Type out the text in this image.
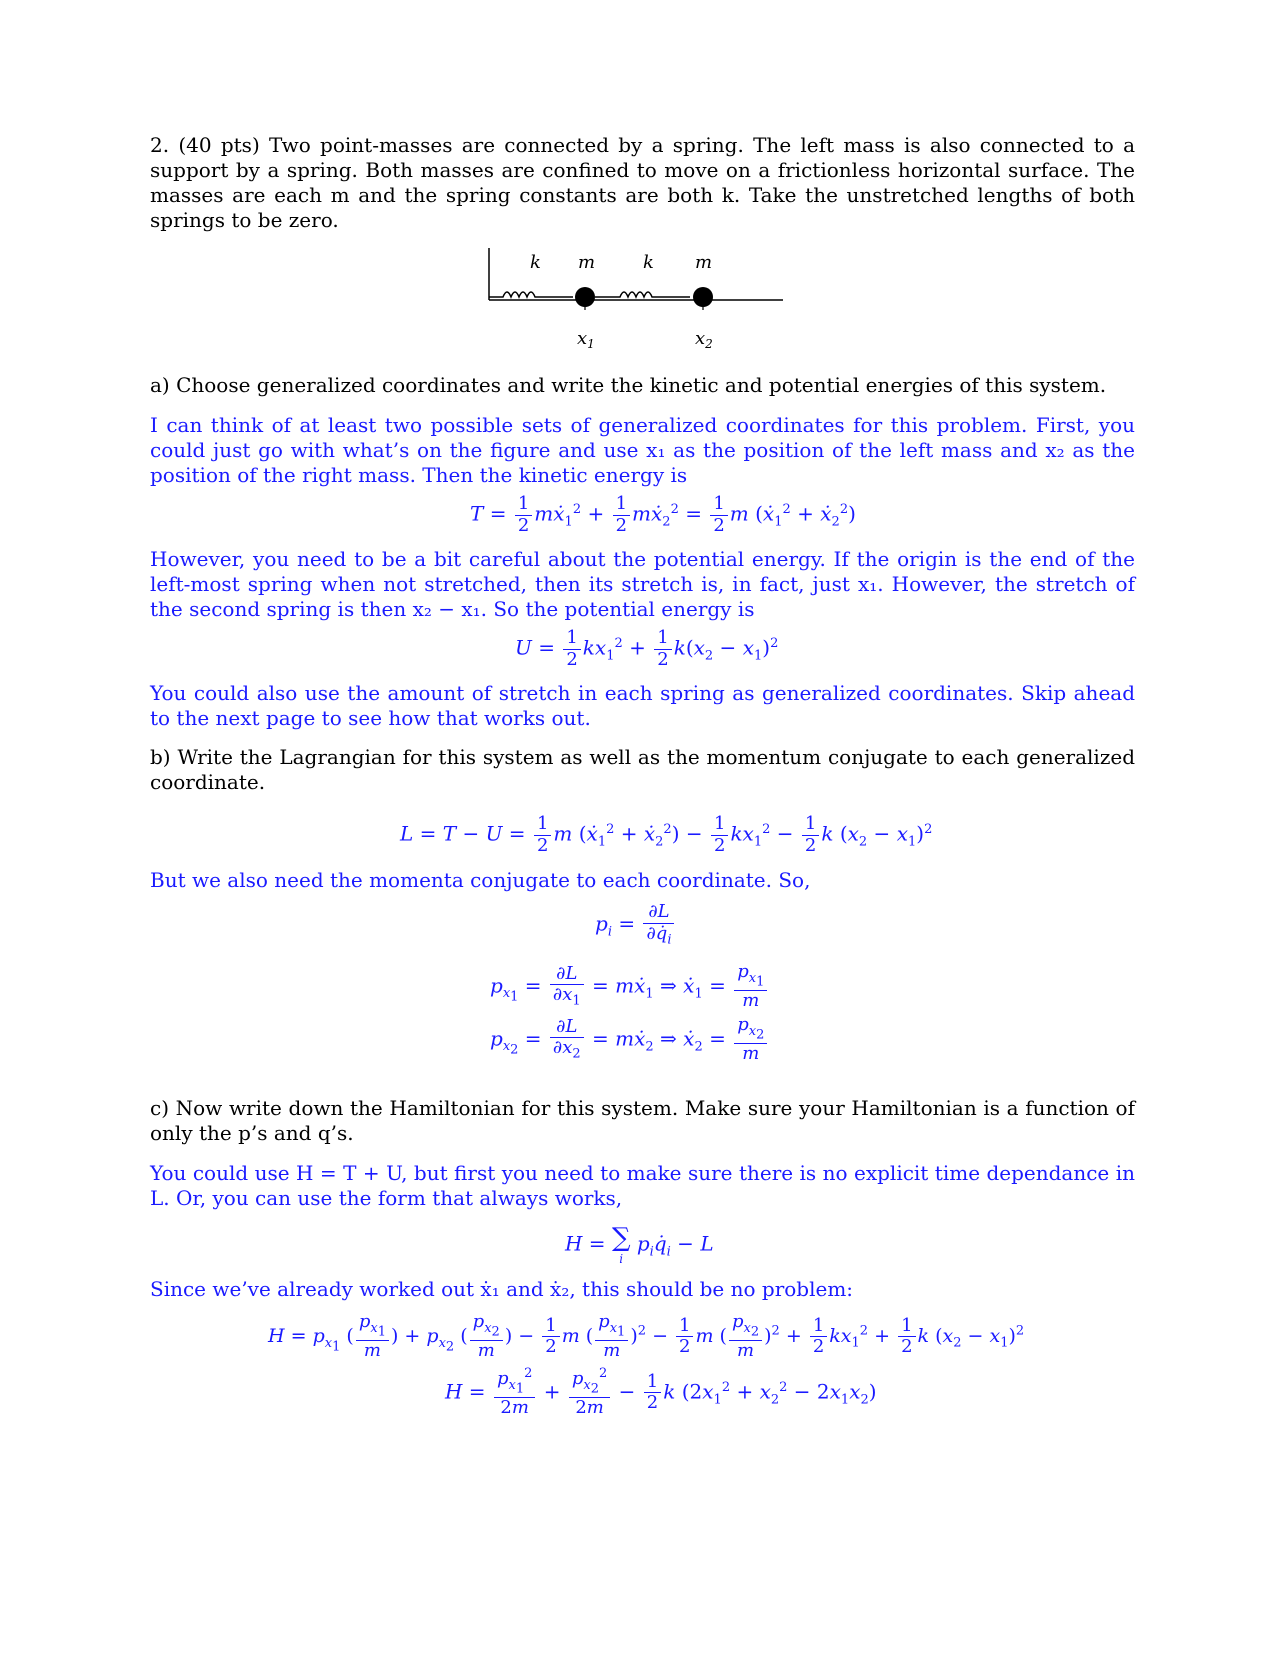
2. (40 pts) Two point-masses are connected by a spring. The left mass is also connected to a support by a spring. Both masses are confined to move on a frictionless horizontal surface. The masses are each m and the spring constants are both k. Take the unstretched lengths of both springs to be zero.

k m	k m
$x_1$	$x_2$

a) Choose generalized coordinates and write the kinetic and potential energies of this system.

I can think of at least two possible sets of generalized coordinates for this problem. First, you could just go with what’s on the figure and use x₁ as the position of the left mass and x₂ as the position of the right mass. Then the kinetic energy is

$T = \frac{1}{2}$ mẋ$_1^2$ + $\frac{1}{2}$ mẋ$_2^2$ = $\frac{1}{2}$ m (ẋ$_1^2$ + ẋ$_2^2$)

However, you need to be a bit careful about the potential energy. If the origin is the end of the left-most spring when not stretched, then its stretch is, in fact, just x₁. However, the stretch of the second spring is then x₂ − x₁. So the potential energy is

$U = \frac{1}{2} kx_1^2 + \frac{1}{2} k(x_2 - x_1)^2$

You could also use the amount of stretch in each spring as generalized coordinates. Skip ahead to the next page to see how that works out.

b) Write the Lagrangian for this system as well as the momentum conjugate to each generalized coordinate.

$L = T - U = \frac{1}{2}$ m (ẋ$_1^2$ + ẋ$_2^2$) − $\frac{1}{2} kx_1^2 - \frac{1}{2}$ k $(x_2 - x_1)^2$

But we also need the momenta conjugate to each coordinate. So,

$p_i = \frac{\partial L}{\partial q̇_i}$
$p_{x_1} = \frac{\partial L}{\partial x_1}$ = mẋ$_1$ ⇒ ẋ$_1$ = $\frac{p_{x_1}}{m}$
$p_{x_2} = \frac{\partial L}{\partial x_2}$ = mẋ$_2$ ⇒ ẋ$_2$ = $\frac{p_{x_2}}{m}$

c) Now write down the Hamiltonian for this system. Make sure your Hamiltonian is a function of only the p’s and q’s.

You could use H = T + U, but first you need to make sure there is no explicit time dependance in L. Or, you can use the form that always works,

H = ∑
i
$p_iq̇_i - L$

Since we’ve already worked out ẋ₁ and ẋ₂, this should be no problem:

$H = p_{x_1}$ ( $\frac{p_{x_1}}{m}$ ) + $p_{x_2}$ ( $\frac{p_{x_2}}{m}$ ) − $\frac{1}{2}$ m ( $\frac{p_{x_1}}{m} )^2 - \frac{1}{2}$ m ( $\frac{p_{x_2}}{m} )^2 + \frac{1}{2} kx_1^2 + \frac{1}{2}$ k $(x_2 - x_1)^2$
$H = \frac{p_{x_1}^2}{2m} + \frac{p_{x_2}^2}{2m} - \frac{1}{2}$ k $(2x_1^2 + x_2^2 - 2x_1x_2)$
